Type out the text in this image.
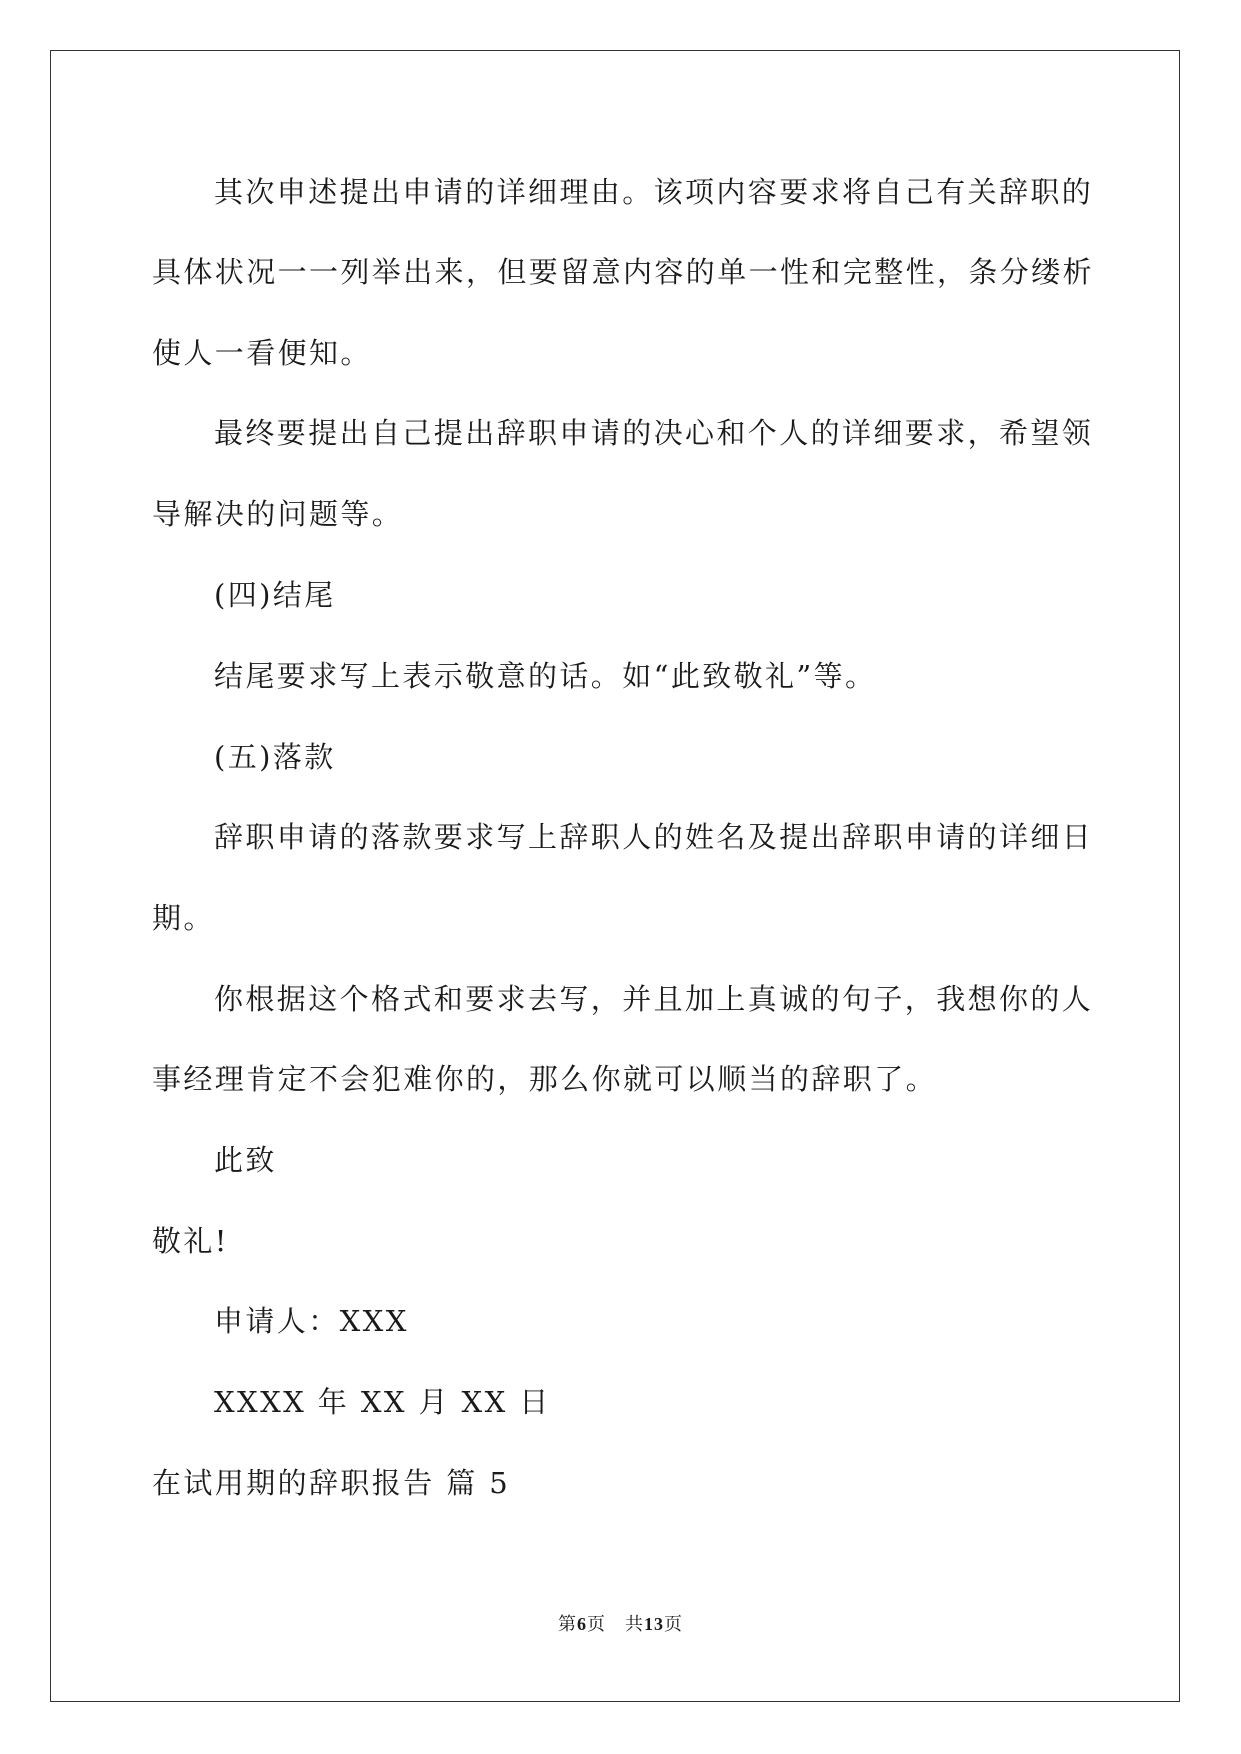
其次申述提出申请的详细理由。该项内容要求将自己有关辞职的
具体状况一一列举出来，但要留意内容的单一性和完整性，条分缕析
使人一看便知。
最终要提出自己提出辞职申请的决心和个人的详细要求，希望领
导解决的问题等。
(四)结尾
结尾要求写上表示敬意的话。如“此致敬礼”等。
(五)落款
辞职申请的落款要求写上辞职人的姓名及提出辞职申请的详细日
期。
你根据这个格式和要求去写，并且加上真诚的句子，我想你的人
事经理肯定不会犯难你的，那么你就可以顺当的辞职了。
此致
敬礼!
申请人：XXX
XXXX 年 XX 月 XX 日
在试用期的辞职报告 篇 5
第6页　共13页
